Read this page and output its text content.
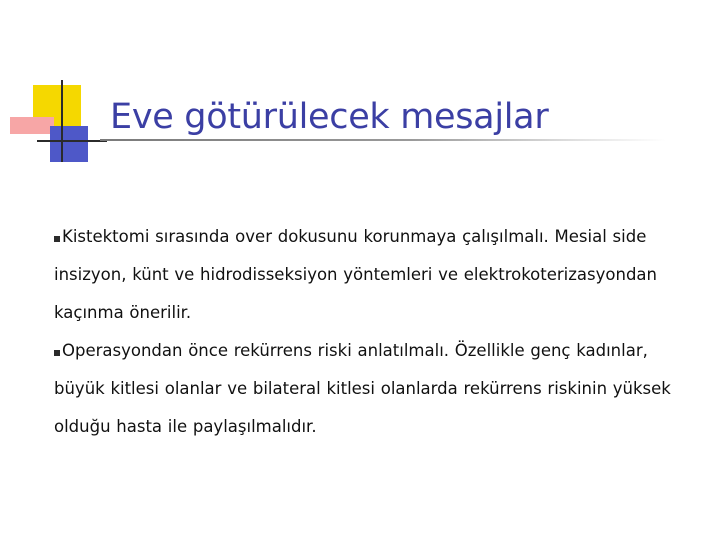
Eve götürülecek mesajlar
Kistektomi sırasında over dokusunu korunmaya çalışılmalı. Mesial side insizyon, künt ve hidrodisseksiyon yöntemleri ve elektrokoterizasyondan kaçınma önerilir.
Operasyondan önce rekürrens riski anlatılmalı. Özellikle genç kadınlar, büyük kitlesi olanlar ve bilateral kitlesi olanlarda rekürrens riskinin yüksek olduğu hasta ile paylaşılmalıdır.
